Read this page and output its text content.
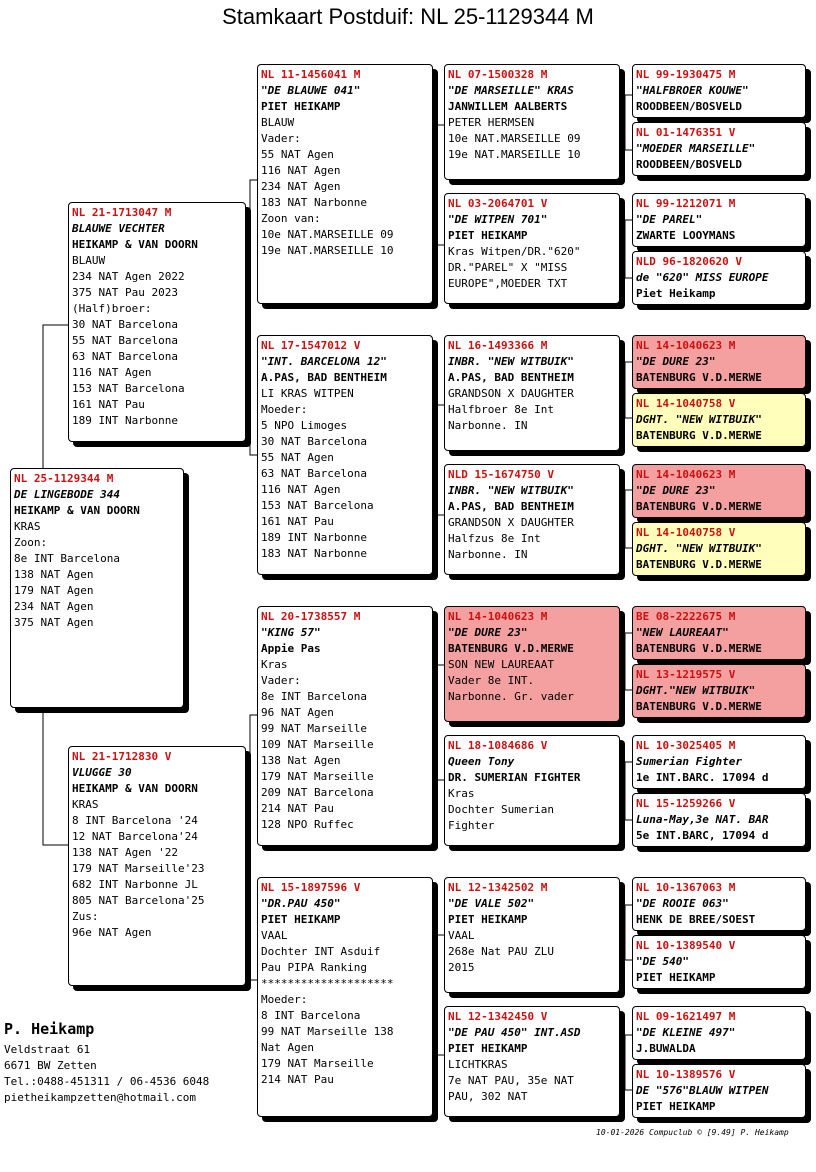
Stamkaart Postduif: NL 25-1129344 M
NL 25-1129344 M
DE LINGEBODE 344
HEIKAMP & VAN DOORN
KRAS
Zoon:
8e INT Barcelona
138 NAT Agen
179 NAT Agen
234 NAT Agen
375 NAT Agen
NL 21-1713047 M
BLAUWE VECHTER
HEIKAMP & VAN DOORN
BLAUW
234 NAT Agen 2022
375 NAT Pau 2023
(Half)broer:
30 NAT Barcelona
55 NAT Barcelona
63 NAT Barcelona
116 NAT Agen
153 NAT Barcelona
161 NAT Pau
189 INT Narbonne
NL 21-1712830 V
VLUGGE 30
HEIKAMP & VAN DOORN
KRAS
8 INT Barcelona '24
12 NAT Barcelona'24
138 NAT Agen '22
179 NAT Marseille'23
682 INT Narbonne JL
805 NAT Barcelona'25
Zus:
96e NAT Agen
NL 11-1456041 M
"DE BLAUWE 041"
PIET HEIKAMP
BLAUW
Vader:
55 NAT Agen
116 NAT Agen
234 NAT Agen
183 NAT Narbonne
Zoon van:
10e NAT.MARSEILLE 09
19e NAT.MARSEILLE 10
NL 17-1547012 V
"INT. BARCELONA 12"
A.PAS, BAD BENTHEIM
LI KRAS WITPEN
Moeder:
5 NPO Limoges
30 NAT Barcelona
55 NAT Agen
63 NAT Barcelona
116 NAT Agen
153 NAT Barcelona
161 NAT Pau
189 INT Narbonne
183 NAT Narbonne
NL 20-1738557 M
"KING 57"
Appie Pas
Kras
Vader:
8e INT Barcelona
96 NAT Agen
99 NAT Marseille
109 NAT Marseille
138 Nat Agen
179 NAT Marseille
209 NAT Barcelona
214 NAT Pau
128 NPO Ruffec
NL 15-1897596 V
"DR.PAU 450"
PIET HEIKAMP
VAAL
Dochter INT Asduif
Pau PIPA Ranking
********************
Moeder:
8 INT Barcelona
99 NAT Marseille 138
Nat Agen
179 NAT Marseille
214 NAT Pau
NL 07-1500328 M
"DE MARSEILLE" KRAS
JANWILLEM AALBERTS
PETER HERMSEN
10e NAT.MARSEILLE 09
19e NAT.MARSEILLE 10
NL 03-2064701 V
"DE WITPEN 701"
PIET HEIKAMP
Kras Witpen/DR."620"
DR."PAREL" X "MISS
EUROPE",MOEDER TXT
NL 16-1493366 M
INBR. "NEW WITBUIK"
A.PAS, BAD BENTHEIM
GRANDSON X DAUGHTER
Halfbroer 8e Int
Narbonne. IN
NLD 15-1674750 V
INBR. "NEW WITBUIK"
A.PAS, BAD BENTHEIM
GRANDSON X DAUGHTER
Halfzus 8e Int
Narbonne. IN
NL 14-1040623 M
"DE DURE 23"
BATENBURG V.D.MERWE
SON NEW LAUREAAT
Vader 8e INT.
Narbonne. Gr. vader
NL 18-1084686 V
Queen Tony
DR. SUMERIAN FIGHTER
Kras
Dochter Sumerian
Fighter
NL 12-1342502 M
"DE VALE 502"
PIET HEIKAMP
VAAL
268e Nat PAU ZLU
2015
NL 12-1342450 V
"DE PAU 450" INT.ASD
PIET HEIKAMP
LICHTKRAS
7e NAT PAU, 35e NAT
PAU, 302 NAT
NL 99-1930475 M
"HALFBROER KOUWE"
ROODBEEN/BOSVELD
NL 01-1476351 V
"MOEDER MARSEILLE"
ROODBEEN/BOSVELD
NL 99-1212071 M
"DE PAREL"
ZWARTE LOOYMANS
NLD 96-1820620 V
de "620" MISS EUROPE
Piet Heikamp
NL 14-1040623 M
"DE DURE 23"
BATENBURG V.D.MERWE
NL 14-1040758 V
DGHT. "NEW WITBUIK"
BATENBURG V.D.MERWE
NL 14-1040623 M
"DE DURE 23"
BATENBURG V.D.MERWE
NL 14-1040758 V
DGHT. "NEW WITBUIK"
BATENBURG V.D.MERWE
BE 08-2222675 M
"NEW LAUREAAT"
BATENBURG V.D.MERWE
NL 13-1219575 V
DGHT."NEW WITBUIK"
BATENBURG V.D.MERWE
NL 10-3025405 M
Sumerian Fighter
1e INT.BARC. 17094 d
NL 15-1259266 V
Luna-May,3e NAT. BAR
5e INT.BARC, 17094 d
NL 10-1367063 M
"DE ROOIE 063"
HENK DE BREE/SOEST
NL 10-1389540 V
"DE 540"
PIET HEIKAMP
NL 09-1621497 M
"DE KLEINE 497"
J.BUWALDA
NL 10-1389576 V
DE "576"BLAUW WITPEN
PIET HEIKAMP
P. Heikamp
Veldstraat 61
6671 BW Zetten
Tel.:0488-451311 / 06-4536 6048
pietheikampzetten@hotmail.com
10-01-2026 Compuclub © [9.49] P. Heikamp
